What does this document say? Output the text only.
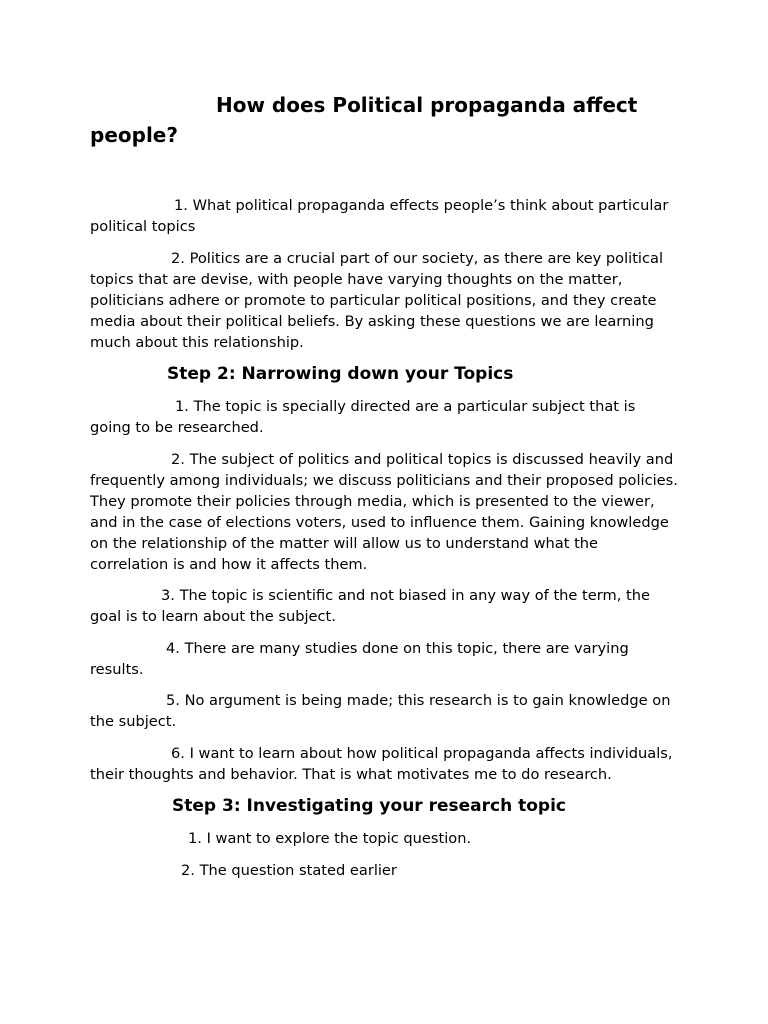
How does Political propaganda affect people?

1. What political propaganda effects people’s think about particular political topics

2. Politics are a crucial part of our society, as there are key political topics that are devise, with people have varying thoughts on the matter, politicians adhere or promote to particular political positions, and they create media about their political beliefs. By asking these questions we are learning much about this relationship.

Step 2: Narrowing down your Topics

1. The topic is specially directed are a particular subject that is going to be researched.

2. The subject of politics and political topics is discussed heavily and frequently among individuals; we discuss politicians and their proposed policies. They promote their policies through media, which is presented to the viewer, and in the case of elections voters, used to influence them. Gaining knowledge on the relationship of the matter will allow us to understand what the correlation is and how it affects them.

3. The topic is scientific and not biased in any way of the term, the goal is to learn about the subject.

4. There are many studies done on this topic, there are varying results.

5. No argument is being made; this research is to gain knowledge on the subject.

6. I want to learn about how political propaganda affects individuals, their thoughts and behavior. That is what motivates me to do research.

Step 3: Investigating your research topic

1. I want to explore the topic question.

2. The question stated earlier
